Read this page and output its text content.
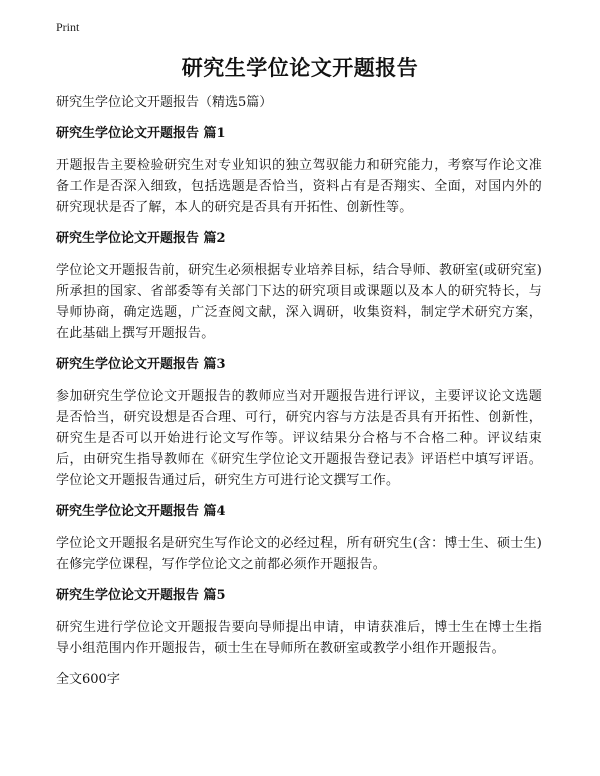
Print
研究生学位论文开题报告

研究生学位论文开题报告（精选5篇）

研究生学位论文开题报告 篇1

开题报告主要检验研究生对专业知识的独立驾驭能力和研究能力，考察写作论文准备工作是否深入细致，包括选题是否恰当，资料占有是否翔实、全面，对国内外的研究现状是否了解，本人的研究是否具有开拓性、创新性等。

研究生学位论文开题报告 篇2

学位论文开题报告前，研究生必须根据专业培养目标，结合导师、教研室(或研究室)所承担的国家、省部委等有关部门下达的研究项目或课题以及本人的研究特长，与导师协商，确定选题，广泛查阅文献，深入调研，收集资料，制定学术研究方案，在此基础上撰写开题报告。

研究生学位论文开题报告 篇3

参加研究生学位论文开题报告的教师应当对开题报告进行评议，主要评议论文选题是否恰当，研究设想是否合理、可行，研究内容与方法是否具有开拓性、创新性，研究生是否可以开始进行论文写作等。评议结果分合格与不合格二种。评议结束后，由研究生指导教师在《研究生学位论文开题报告登记表》评语栏中填写评语。学位论文开题报告通过后，研究生方可进行论文撰写工作。

研究生学位论文开题报告 篇4

学位论文开题报名是研究生写作论文的必经过程，所有研究生(含：博士生、硕士生)在修完学位课程，写作学位论文之前都必须作开题报告。

研究生学位论文开题报告 篇5

研究生进行学位论文开题报告要向导师提出申请，申请获准后，博士生在博士生指导小组范围内作开题报告，硕士生在导师所在教研室或教学小组作开题报告。

全文600字
